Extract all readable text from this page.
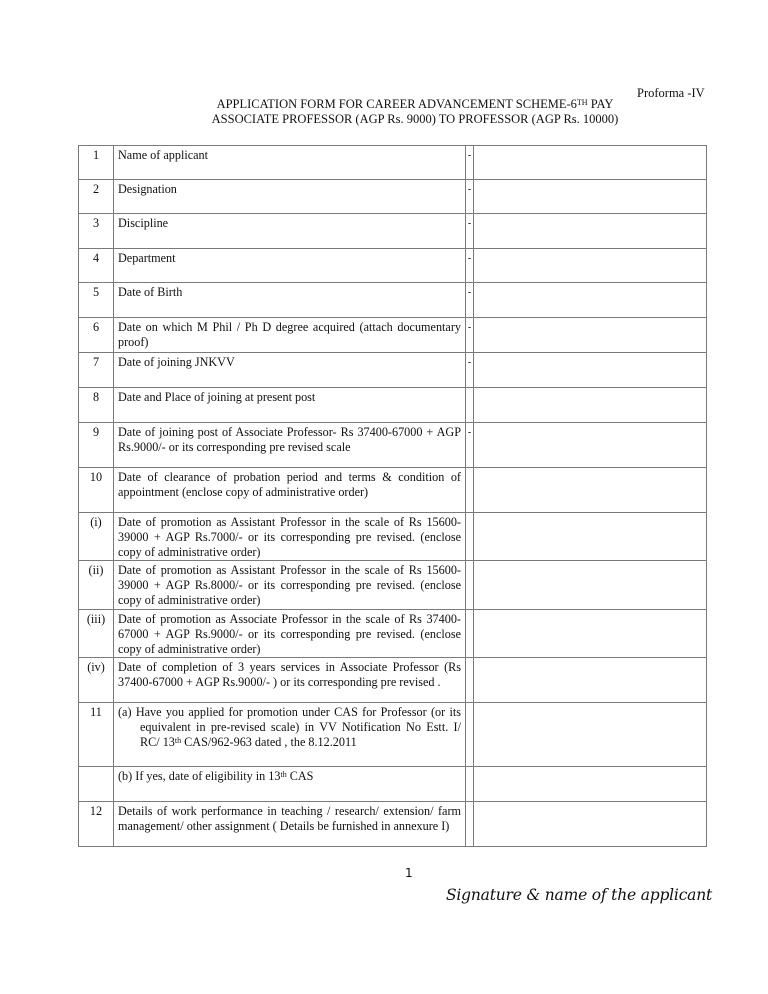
Proforma -IV
APPLICATION FORM FOR CAREER ADVANCEMENT SCHEME-6TH PAY
ASSOCIATE PROFESSOR (AGP Rs. 9000) TO PROFESSOR (AGP Rs. 10000)
1	Name of applicant	-	
2	Designation	-	
3	Discipline	-	
4	Department	-	
5	Date of Birth	-	
6	Date on which M Phil / Ph D degree acquired (attach documentary proof)	-	
7	Date of joining JNKVV	-	
8	Date and Place of joining at present post		
9	Date of joining post of Associate Professor- Rs 37400-67000 + AGP Rs.9000/- or its corresponding pre revised scale	-	
10	Date of clearance of probation period and terms & condition of appointment (enclose copy of administrative order)		
(i)	Date of promotion as Assistant Professor in the scale of Rs 15600-39000 + AGP Rs.7000/- or its corresponding pre revised. (enclose copy of administrative order)		
(ii)	Date of promotion as Assistant Professor in the scale of Rs 15600-39000 + AGP Rs.8000/- or its corresponding pre revised. (enclose copy of administrative order)		
(iii)	Date of promotion as Associate Professor in the scale of Rs 37400-67000 + AGP Rs.9000/- or its corresponding pre revised. (enclose copy of administrative order)		
(iv)	Date of completion of 3 years services in Associate Professor (Rs 37400-67000 + AGP Rs.9000/- ) or its corresponding pre revised .		
11	(a) Have you applied for promotion under CAS for Professor (or its equivalent in pre-revised scale) in VV Notification No Estt. I/ RC/ 13th CAS/962-963 dated , the 8.12.2011		

	(b) If yes, date of eligibility in 13th CAS		

12	Details of work performance in teaching / research/ extension/ farm management/ other assignment ( Details be furnished in annexure I)		
1
Signature & name of the applicant
